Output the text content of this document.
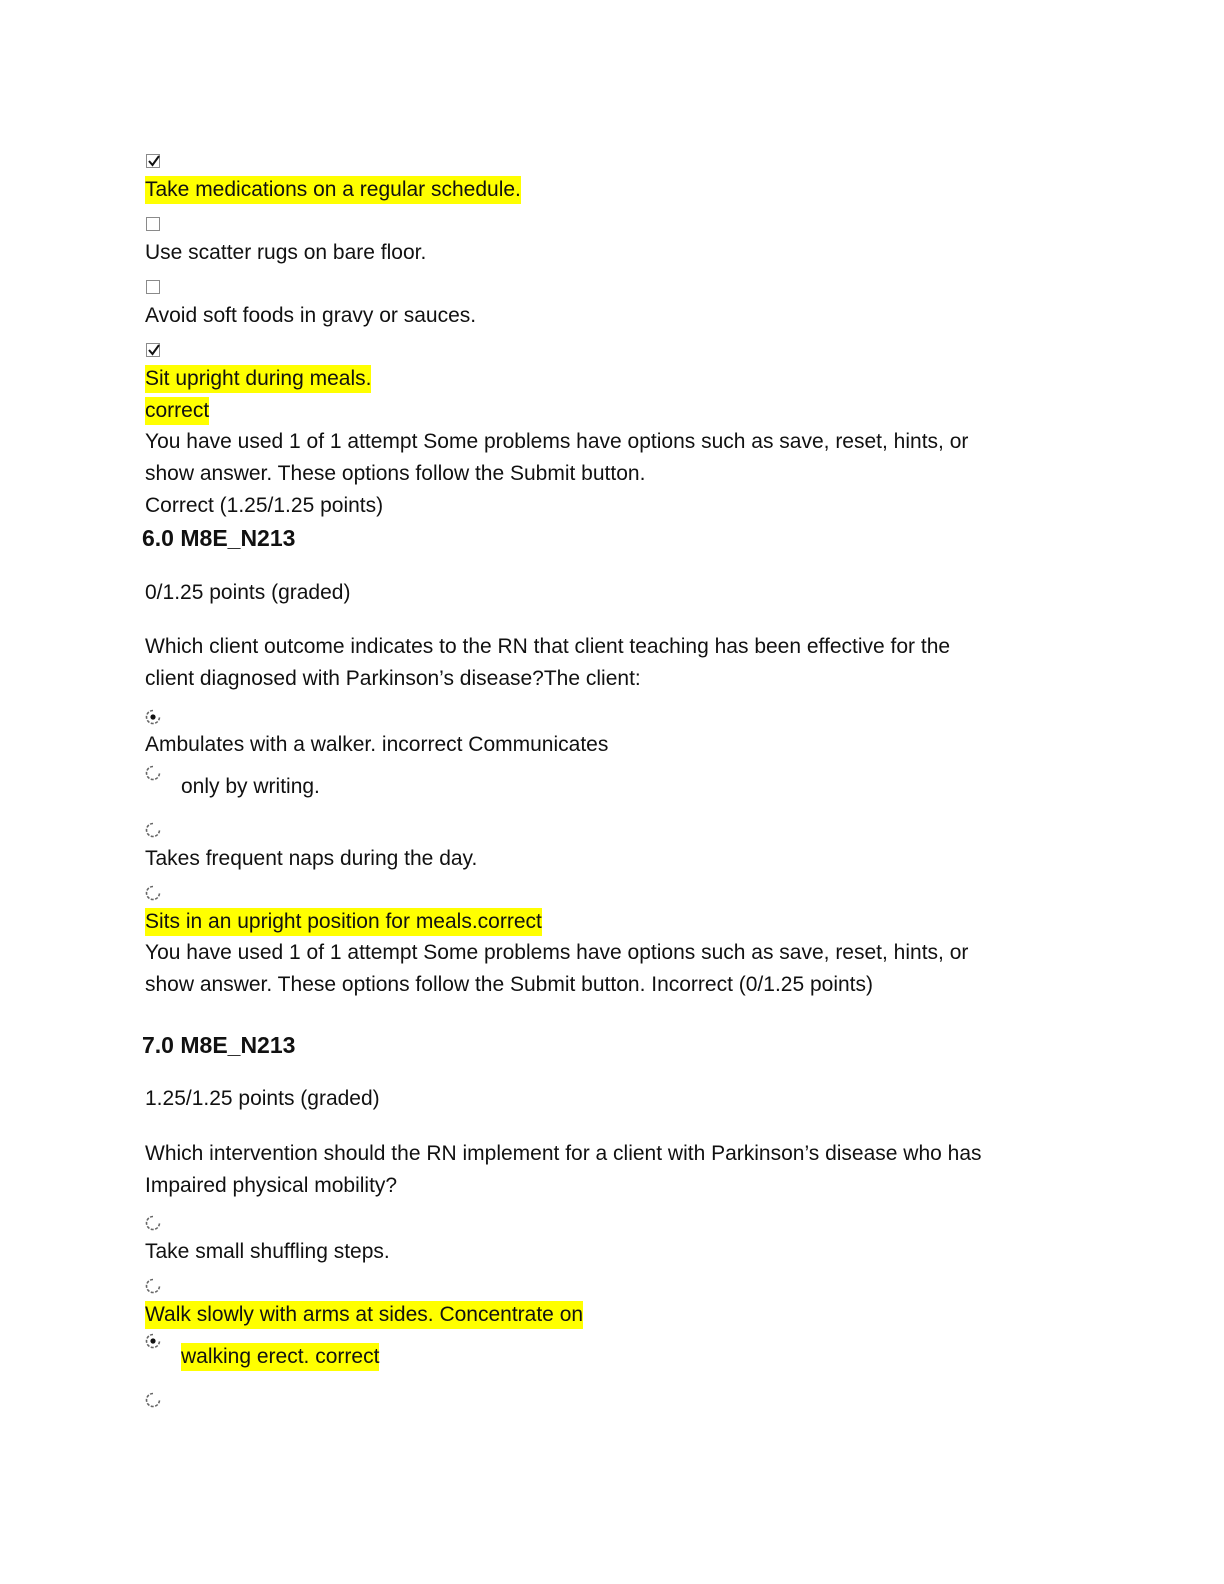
Take medications on a regular schedule.
Use scatter rugs on bare floor.
Avoid soft foods in gravy or sauces.
Sit upright during meals.
correct
You have used 1 of 1 attempt Some problems have options such as save, reset, hints, or
show answer. These options follow the Submit button.
Correct (1.25/1.25 points)
6.0 M8E_N213
0/1.25 points (graded)
Which client outcome indicates to the RN that client teaching has been effective for the
client diagnosed with Parkinson’s disease?The client:
Ambulates with a walker. incorrect Communicates
only by writing.
Takes frequent naps during the day.
Sits in an upright position for meals.correct
You have used 1 of 1 attempt Some problems have options such as save, reset, hints, or
show answer. These options follow the Submit button. Incorrect (0/1.25 points)
7.0 M8E_N213
1.25/1.25 points (graded)
Which intervention should the RN implement for a client with Parkinson’s disease who has
Impaired physical mobility?
Take small shuffling steps.
Walk slowly with arms at sides. Concentrate on
walking erect. correct
